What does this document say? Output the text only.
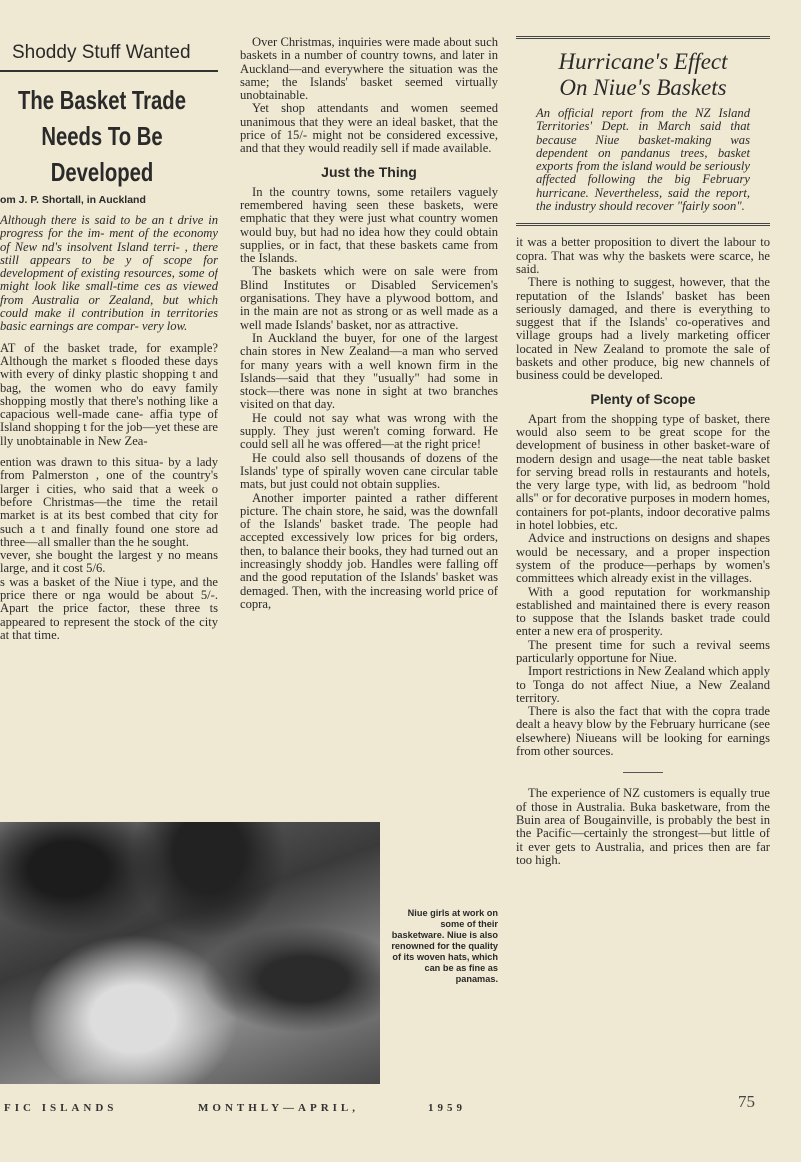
Shoddy Stuff Wanted
The Basket Trade
Needs To Be
Developed
om J. P. Shortall, in Auckland

Although there is said to be an t drive in progress for the im- ment of the economy of New nd's insolvent Island terri- , there still appears to be y of scope for development of existing resources, some of might look like small-time ces as viewed from Australia or Zealand, but which could make il contribution in territories basic earnings are compar- very low.

AT of the basket trade, for example? Although the market s flooded these days with every of dinky plastic shopping t and bag, the women who do eavy family shopping mostly that there's nothing like a capacious well-made cane- affia type of Island shopping t for the job—yet these are lly unobtainable in New Zea-

ention was drawn to this situa- by a lady from Palmerston , one of the country's larger i cities, who said that a week o before Christmas—the time the retail market is at its best combed that city for such a t and finally found one store ad three—all smaller than the he sought.

vever, she bought the largest y no means large, and it cost 5/6.

s was a basket of the Niue i type, and the price there or nga would be about 5/-. Apart the price factor, these three ts appeared to represent the stock of the city at that time.

Over Christmas, inquiries were made about such baskets in a number of country towns, and later in Auckland—and everywhere the situation was the same; the Islands' basket seemed virtually unobtainable.

Yet shop attendants and women seemed unanimous that they were an ideal basket, that the price of 15/- might not be considered excessive, and that they would readily sell if made available.

Just the Thing

In the country towns, some retailers vaguely remembered having seen these baskets, were emphatic that they were just what country women would buy, but had no idea how they could obtain supplies, or in fact, that these baskets came from the Islands.

The baskets which were on sale were from Blind Institutes or Disabled Servicemen's organisations. They have a plywood bottom, and in the main are not as strong or as well made as a well made Islands' basket, nor as attractive.

In Auckland the buyer, for one of the largest chain stores in New Zealand—a man who served for many years with a well known firm in the Islands—said that they "usually" had some in stock—there was none in sight at two branches visited on that day.

He could not say what was wrong with the supply. They just weren't coming forward. He could sell all he was offered—at the right price!

He could also sell thousands of dozens of the Islands' type of spirally woven cane circular table mats, but just could not obtain supplies.

Another importer painted a rather different picture. The chain store, he said, was the downfall of the Islands' basket trade. The people had accepted excessively low prices for big orders, then, to balance their books, they had turned out an increasingly shoddy job. Handles were falling off and the good reputation of the Islands' basket was demaged. Then, with the increasing world price of copra,

Hurricane's Effect
On Niue's Baskets

An official report from the NZ Island Territories' Dept. in March said that because Niue basket-making was dependent on pandanus trees, basket exports from the island would be seriously affected following the big February hurricane. Nevertheless, said the report, the industry should recover "fairly soon".

it was a better proposition to divert the labour to copra. That was why the baskets were scarce, he said.

There is nothing to suggest, however, that the reputation of the Islands' basket has been seriously damaged, and there is everything to suggest that if the Islands' co-operatives and village groups had a lively marketing officer located in New Zealand to promote the sale of baskets and other produce, big new channels of business could be developed.

Plenty of Scope

Apart from the shopping type of basket, there would also seem to be great scope for the development of business in other basket-ware of modern design and usage—the neat table basket for serving bread rolls in restaurants and hotels, the very large type, with lid, as bedroom "hold alls" or for decorative purposes in modern homes, containers for pot-plants, indoor decorative palms in hotel lobbies, etc.

Advice and instructions on designs and shapes would be necessary, and a proper inspection system of the produce—perhaps by women's committees which already exist in the villages.

With a good reputation for workmanship established and maintained there is every reason to suppose that the Islands basket trade could enter a new era of prosperity.

The present time for such a revival seems particularly opportune for Niue.

Import restrictions in New Zealand which apply to Tonga do not affect Niue, a New Zealand territory.

There is also the fact that with the copra trade dealt a heavy blow by the February hurricane (see elsewhere) Niueans will be looking for earnings from other sources.

The experience of NZ customers is equally true of those in Australia. Buka basketware, from the Buin area of Bougainville, is probably the best in the Pacific—certainly the strongest—but little of it ever gets to Australia, and prices then are far too high.

Niue girls at work on some of their basketware. Niue is also renowned for the quality of its woven hats, which can be as fine as panamas.
FIC ISLANDS	MONTHLY—APRIL,	1959	75
